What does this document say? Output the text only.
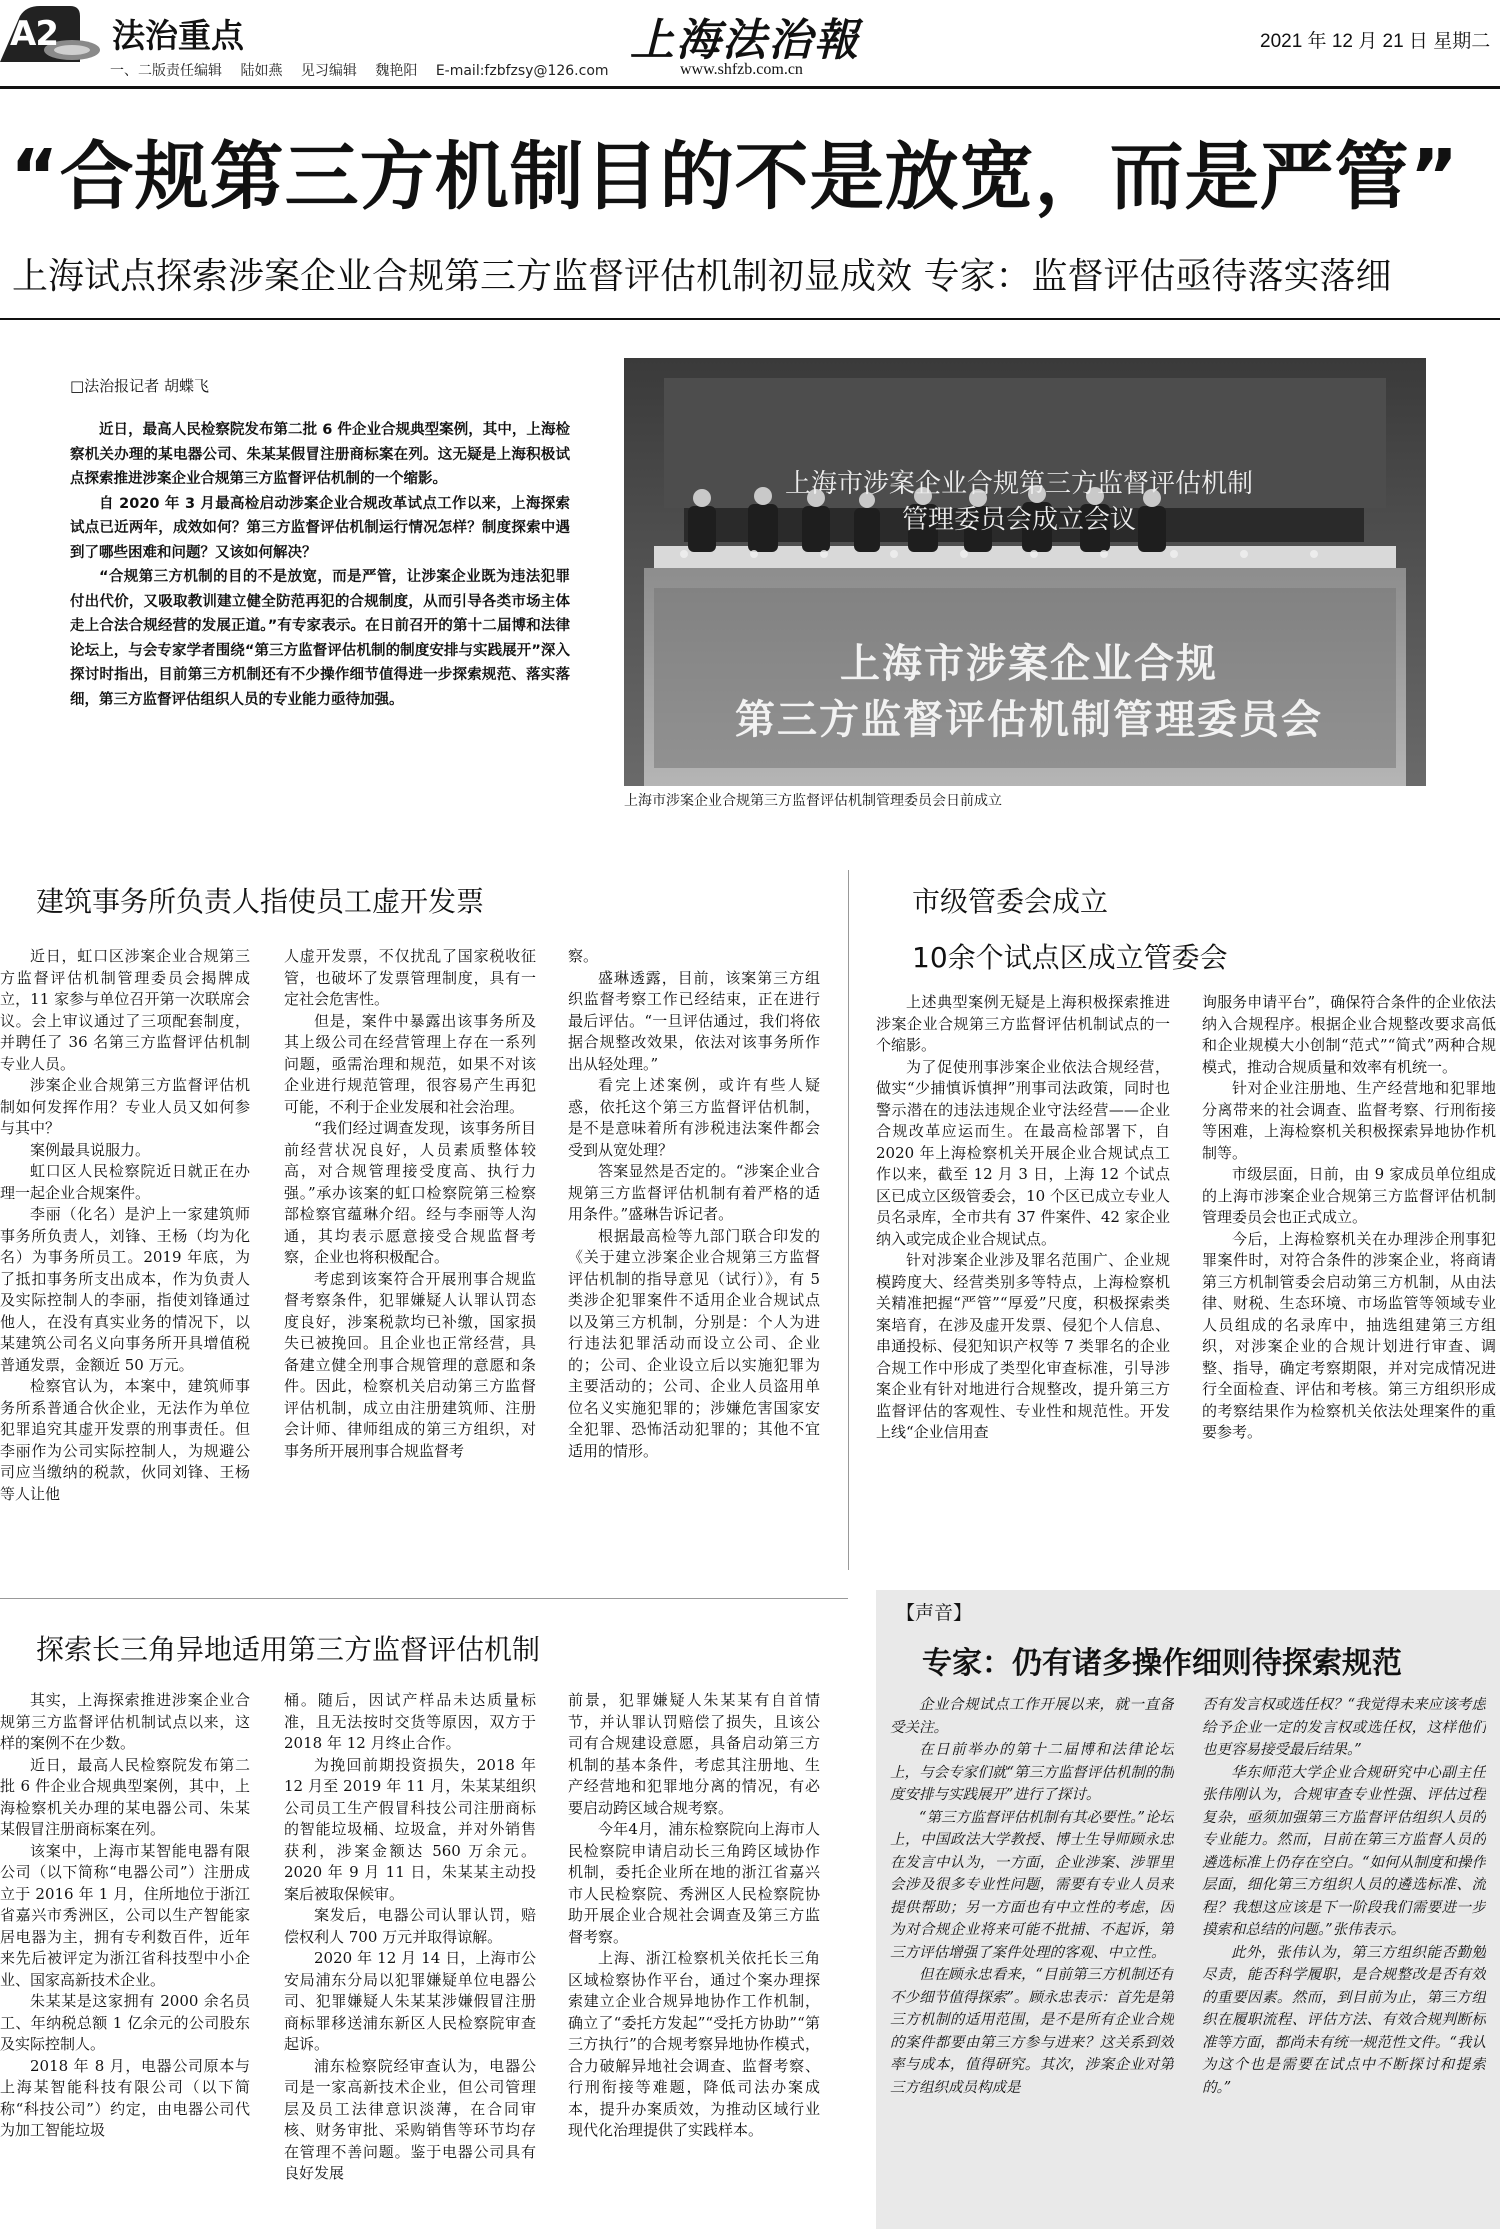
A2 法治重点
一、二版责任编辑 陆如燕 见习编辑 魏艳阳 E-mail:fzbfzsy@126.com
上海法治報
www.shfzb.com.cn
2021 年 12 月 21 日 星期二
“合规第三方机制目的不是放宽，而是严管”
上海试点探索涉案企业合规第三方监督评估机制初显成效 专家：监督评估亟待落实落细
□法治报记者 胡蝶飞

近日，最高人民检察院发布第二批 6 件企业合规典型案例，其中，上海检察机关办理的某电器公司、朱某某假冒注册商标案在列。这无疑是上海积极试点探索推进涉案企业合规第三方监督评估机制的一个缩影。

自 2020 年 3 月最高检启动涉案企业合规改革试点工作以来，上海探索试点已近两年，成效如何？第三方监督评估机制运行情况怎样？制度探索中遇到了哪些困难和问题？又该如何解决？

“合规第三方机制的目的不是放宽，而是严管，让涉案企业既为违法犯罪付出代价，又吸取教训建立健全防范再犯的合规制度，从而引导各类市场主体走上合法合规经营的发展正道。”有专家表示。在日前召开的第十二届博和法律论坛上，与会专家学者围绕“第三方监督评估机制的制度安排与实践展开”深入探讨时指出，目前第三方机制还有不少操作细节值得进一步探索规范、落实落细，第三方监督评估组织人员的专业能力亟待加强。

上海市涉案企业合规第三方监督评估机制
管理委员会成立会议
上海市涉案企业合规
第三方监督评估机制管理委员会
上海市涉案企业合规第三方监督评估机制管理委员会日前成立
建筑事务所负责人指使员工虚开发票

近日，虹口区涉案企业合规第三方监督评估机制管理委员会揭牌成立，11 家参与单位召开第一次联席会议。会上审议通过了三项配套制度，并聘任了 36 名第三方监督评估机制专业人员。

涉案企业合规第三方监督评估机制如何发挥作用？专业人员又如何参与其中？

案例最具说服力。

虹口区人民检察院近日就正在办理一起企业合规案件。

李丽（化名）是沪上一家建筑师事务所负责人，刘锋、王杨（均为化名）为事务所员工。2019 年底，为了抵扣事务所支出成本，作为负责人及实际控制人的李丽，指使刘锋通过他人，在没有真实业务的情况下，以某建筑公司名义向事务所开具增值税普通发票，金额近 50 万元。

检察官认为，本案中，建筑师事务所系普通合伙企业，无法作为单位犯罪追究其虚开发票的刑事责任。但李丽作为公司实际控制人，为规避公司应当缴纳的税款，伙同刘锋、王杨等人让他

人虚开发票，不仅扰乱了国家税收征管，也破坏了发票管理制度，具有一定社会危害性。

但是，案件中暴露出该事务所及其上级公司在经营管理上存在一系列问题，亟需治理和规范，如果不对该企业进行规范管理，很容易产生再犯可能，不利于企业发展和社会治理。

“我们经过调查发现，该事务所目前经营状况良好，人员素质整体较高，对合规管理接受度高、执行力强。”承办该案的虹口检察院第三检察部检察官蕴琳介绍。经与李丽等人沟通，其均表示愿意接受合规监督考察，企业也将积极配合。

考虑到该案符合开展刑事合规监督考察条件，犯罪嫌疑人认罪认罚态度良好，涉案税款均已补缴，国家损失已被挽回。且企业也正常经营，具备建立健全刑事合规管理的意愿和条件。因此，检察机关启动第三方监督评估机制，成立由注册建筑师、注册会计师、律师组成的第三方组织，对事务所开展刑事合规监督考

察。

盛琳透露，目前，该案第三方组织监督考察工作已经结束，正在进行最后评估。“一旦评估通过，我们将依据合规整改效果，依法对该事务所作出从轻处理。”

看完上述案例，或许有些人疑惑，依托这个第三方监督评估机制，是不是意味着所有涉税违法案件都会受到从宽处理？

答案显然是否定的。“涉案企业合规第三方监督评估机制有着严格的适用条件。”盛琳告诉记者。

根据最高检等九部门联合印发的《关于建立涉案企业合规第三方监督评估机制的指导意见（试行）》，有 5 类涉企犯罪案件不适用企业合规试点以及第三方机制，分别是：个人为进行违法犯罪活动而设立公司、企业的；公司、企业设立后以实施犯罪为主要活动的；公司、企业人员盗用单位名义实施犯罪的；涉嫌危害国家安全犯罪、恐怖活动犯罪的；其他不宜适用的情形。

市级管委会成立
10余个试点区成立管委会

上述典型案例无疑是上海积极探索推进涉案企业合规第三方监督评估机制试点的一个缩影。

为了促使刑事涉案企业依法合规经营，做实“少捕慎诉慎押”刑事司法政策，同时也警示潜在的违法违规企业守法经营——企业合规改革应运而生。在最高检部署下，自 2020 年上海检察机关开展企业合规试点工作以来，截至 12 月 3 日，上海 12 个试点区已成立区级管委会，10 个区已成立专业人员名录库，全市共有 37 件案件、42 家企业纳入或完成企业合规试点。

针对涉案企业涉及罪名范围广、企业规模跨度大、经营类别多等特点，上海检察机关精准把握“严管”“厚爱”尺度，积极探索类案培育，在涉及虚开发票、侵犯个人信息、串通投标、侵犯知识产权等 7 类罪名的企业合规工作中形成了类型化审查标准，引导涉案企业有针对地进行合规整改，提升第三方监督评估的客观性、专业性和规范性。开发上线“企业信用查

询服务申请平台”，确保符合条件的企业依法纳入合规程序。根据企业合规整改要求高低和企业规模大小创制“范式”“简式”两种合规模式，推动合规质量和效率有机统一。

针对企业注册地、生产经营地和犯罪地分离带来的社会调查、监督考察、行刑衔接等困难，上海检察机关积极探索异地协作机制等。

市级层面，日前，由 9 家成员单位组成的上海市涉案企业合规第三方监督评估机制管理委员会也正式成立。

今后，上海检察机关在办理涉企刑事犯罪案件时，对符合条件的涉案企业，将商请第三方机制管委会启动第三方机制，从由法律、财税、生态环境、市场监管等领域专业人员组成的名录库中，抽选组建第三方组织，对涉案企业的合规计划进行审查、调整、指导，确定考察期限，并对完成情况进行全面检查、评估和考核。第三方组织形成的考察结果作为检察机关依法处理案件的重要参考。

探索长三角异地适用第三方监督评估机制

其实，上海探索推进涉案企业合规第三方监督评估机制试点以来，这样的案例不在少数。

近日，最高人民检察院发布第二批 6 件企业合规典型案例，其中，上海检察机关办理的某电器公司、朱某某假冒注册商标案在列。

该案中，上海市某智能电器有限公司（以下简称“电器公司”）注册成立于 2016 年 1 月，住所地位于浙江省嘉兴市秀洲区，公司以生产智能家居电器为主，拥有专利数百件，近年来先后被评定为浙江省科技型中小企业、国家高新技术企业。

朱某某是这家拥有 2000 余名员工、年纳税总额 1 亿余元的公司股东及实际控制人。

2018 年 8 月，电器公司原本与上海某智能科技有限公司（以下简称“科技公司”）约定，由电器公司代为加工智能垃圾

桶。随后，因试产样品未达质量标准，且无法按时交货等原因，双方于 2018 年 12 月终止合作。

为挽回前期投资损失，2018 年 12 月至 2019 年 11 月，朱某某组织公司员工生产假冒科技公司注册商标的智能垃圾桶、垃圾盒，并对外销售获利，涉案金额达 560 万余元。2020 年 9 月 11 日，朱某某主动投案后被取保候审。

案发后，电器公司认罪认罚，赔偿权利人 700 万元并取得谅解。

2020 年 12 月 14 日，上海市公安局浦东分局以犯罪嫌疑单位电器公司、犯罪嫌疑人朱某某涉嫌假冒注册商标罪移送浦东新区人民检察院审查起诉。

浦东检察院经审查认为，电器公司是一家高新技术企业，但公司管理层及员工法律意识淡薄，在合同审核、财务审批、采购销售等环节均存在管理不善问题。鉴于电器公司具有良好发展

前景，犯罪嫌疑人朱某某有自首情节，并认罪认罚赔偿了损失，且该公司有合规建设意愿，具备启动第三方机制的基本条件，考虑其注册地、生产经营地和犯罪地分离的情况，有必要启动跨区域合规考察。

今年4月，浦东检察院向上海市人民检察院申请启动长三角跨区域协作机制，委托企业所在地的浙江省嘉兴市人民检察院、秀洲区人民检察院协助开展企业合规社会调查及第三方监督考察。

上海、浙江检察机关依托长三角区域检察协作平台，通过个案办理探索建立企业合规异地协作工作机制，确立了“委托方发起”“受托方协助”“第三方执行”的合规考察异地协作模式，合力破解异地社会调查、监督考察、行刑衔接等难题，降低司法办案成本，提升办案质效，为推动区域行业现代化治理提供了实践样本。

【声音】
专家：仍有诸多操作细则待探索规范

企业合规试点工作开展以来，就一直备受关注。

在日前举办的第十二届博和法律论坛上，与会专家们就“第三方监督评估机制的制度安排与实践展开”进行了探讨。

“第三方监督评估机制有其必要性。”论坛上，中国政法大学教授、博士生导师顾永忠在发言中认为，一方面，企业涉案、涉罪里会涉及很多专业性问题，需要有专业人员来提供帮助；另一方面也有中立性的考虑，因为对合规企业将来可能不批捕、不起诉，第三方评估增强了案件处理的客观、中立性。

但在顾永忠看来，“目前第三方机制还有不少细节值得探索”。顾永忠表示：首先是第三方机制的适用范围，是不是所有企业合规的案件都要由第三方参与进来？这关系到效率与成本，值得研究。其次，涉案企业对第三方组织成员构成是

否有发言权或选任权？“我觉得未来应该考虑给予企业一定的发言权或选任权，这样他们也更容易接受最后结果。”

华东师范大学企业合规研究中心副主任张伟刚认为，合规审查专业性强、评估过程复杂，亟须加强第三方监督评估组织人员的专业能力。然而，目前在第三方监督人员的遴选标准上仍存在空白。“如何从制度和操作层面，细化第三方组织人员的遴选标准、流程？我想这应该是下一阶段我们需要进一步摸索和总结的问题。”张伟表示。

此外，张伟认为，第三方组织能否勤勉尽责，能否科学履职，是合规整改是否有效的重要因素。然而，到目前为止，第三方组织在履职流程、评估方法、有效合规判断标准等方面，都尚未有统一规范性文件。“我认为这个也是需要在试点中不断探讨和提索的。”
